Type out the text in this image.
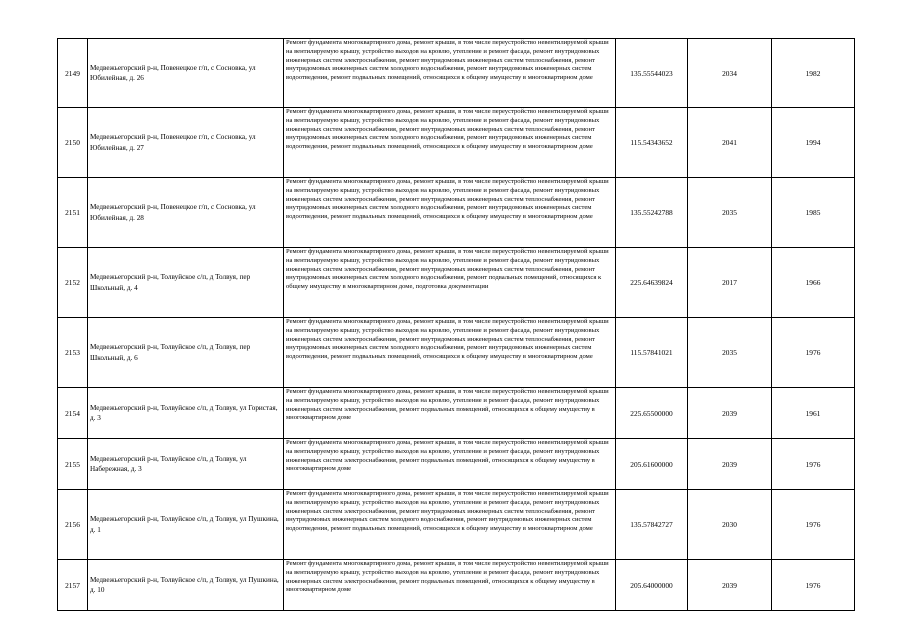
2149	Медвежьегорский р-н, Повенецкое г/п, с Сосновка, ул Юбилейная, д. 26	Ремонт фундамента многоквартирного дома, ремонт крыши, в том числе переустройство невентилируемой крыши на вентилируемую крышу, устройство выходов на кровлю, утепление и ремонт фасада, ремонт внутридомовых инженерных систем электроснабжения, ремонт внутридомовых инженерных систем теплоснабжения, ремонт внутридомовых инженерных систем холодного водоснабжения, ремонт внутридомовых инженерных систем водоотведения, ремонт подвальных помещений, относящихся к общему имуществу в многоквартирном доме	135.55544023	2034	1982
2150	Медвежьегорский р-н, Повенецкое г/п, с Сосновка, ул Юбилейная, д. 27	Ремонт фундамента многоквартирного дома, ремонт крыши, в том числе переустройство невентилируемой крыши на вентилируемую крышу, устройство выходов на кровлю, утепление и ремонт фасада, ремонт внутридомовых инженерных систем электроснабжения, ремонт внутридомовых инженерных систем теплоснабжения, ремонт внутридомовых инженерных систем холодного водоснабжения, ремонт внутридомовых инженерных систем водоотведения, ремонт подвальных помещений, относящихся к общему имуществу в многоквартирном доме	115.54343652	2041	1994
2151	Медвежьегорский р-н, Повенецкое г/п, с Сосновка, ул Юбилейная, д. 28	Ремонт фундамента многоквартирного дома, ремонт крыши, в том числе переустройство невентилируемой крыши на вентилируемую крышу, устройство выходов на кровлю, утепление и ремонт фасада, ремонт внутридомовых инженерных систем электроснабжения, ремонт внутридомовых инженерных систем теплоснабжения, ремонт внутридомовых инженерных систем холодного водоснабжения, ремонт внутридомовых инженерных систем водоотведения, ремонт подвальных помещений, относящихся к общему имуществу в многоквартирном доме	135.55242788	2035	1985
2152	Медвежьегорский р-н, Толвуйское с/п, д Толвуя, пер Школьный, д. 4	Ремонт фундамента многоквартирного дома, ремонт крыши, в том числе переустройство невентилируемой крыши на вентилируемую крышу, устройство выходов на кровлю, утепление и ремонт фасада, ремонт внутридомовых инженерных систем электроснабжения, ремонт внутридомовых инженерных систем теплоснабжения, ремонт внутридомовых инженерных систем холодного водоснабжения, ремонт подвальных помещений, относящихся к общему имуществу в многоквартирном доме, подготовка документации	225.64639824	2017	1966
2153	Медвежьегорский р-н, Толвуйское с/п, д Толвуя, пер Школьный, д. 6	Ремонт фундамента многоквартирного дома, ремонт крыши, в том числе переустройство невентилируемой крыши на вентилируемую крышу, устройство выходов на кровлю, утепление и ремонт фасада, ремонт внутридомовых инженерных систем электроснабжения, ремонт внутридомовых инженерных систем теплоснабжения, ремонт внутридомовых инженерных систем холодного водоснабжения, ремонт внутридомовых инженерных систем водоотведения, ремонт подвальных помещений, относящихся к общему имуществу в многоквартирном доме	115.57841021	2035	1976
2154	Медвежьегорский р-н, Толвуйское с/п, д Толвуя, ул Гористая, д. 3	Ремонт фундамента многоквартирного дома, ремонт крыши, в том числе переустройство невентилируемой крыши на вентилируемую крышу, устройство выходов на кровлю, утепление и ремонт фасада, ремонт внутридомовых инженерных систем электроснабжения, ремонт подвальных помещений, относящихся к общему имуществу в многоквартирном доме	225.65500000	2039	1961
2155	Медвежьегорский р-н, Толвуйское с/п, д Толвуя, ул Набережная, д. 3	Ремонт фундамента многоквартирного дома, ремонт крыши, в том числе переустройство невентилируемой крыши на вентилируемую крышу, устройство выходов на кровлю, утепление и ремонт фасада, ремонт внутридомовых инженерных систем электроснабжения, ремонт подвальных помещений, относящихся к общему имуществу в многоквартирном доме	205.61600000	2039	1976
2156	Медвежьегорский р-н, Толвуйское с/п, д Толвуя, ул Пушкина, д. 1	Ремонт фундамента многоквартирного дома, ремонт крыши, в том числе переустройство невентилируемой крыши на вентилируемую крышу, устройство выходов на кровлю, утепление и ремонт фасада, ремонт внутридомовых инженерных систем электроснабжения, ремонт внутридомовых инженерных систем теплоснабжения, ремонт внутридомовых инженерных систем холодного водоснабжения, ремонт внутридомовых инженерных систем водоотведения, ремонт подвальных помещений, относящихся к общему имуществу в многоквартирном доме	135.57842727	2030	1976
2157	Медвежьегорский р-н, Толвуйское с/п, д Толвуя, ул Пушкина, д. 10	Ремонт фундамента многоквартирного дома, ремонт крыши, в том числе переустройство невентилируемой крыши на вентилируемую крышу, устройство выходов на кровлю, утепление и ремонт фасада, ремонт внутридомовых инженерных систем электроснабжения, ремонт подвальных помещений, относящихся к общему имуществу в многоквартирном доме	205.64000000	2039	1976
